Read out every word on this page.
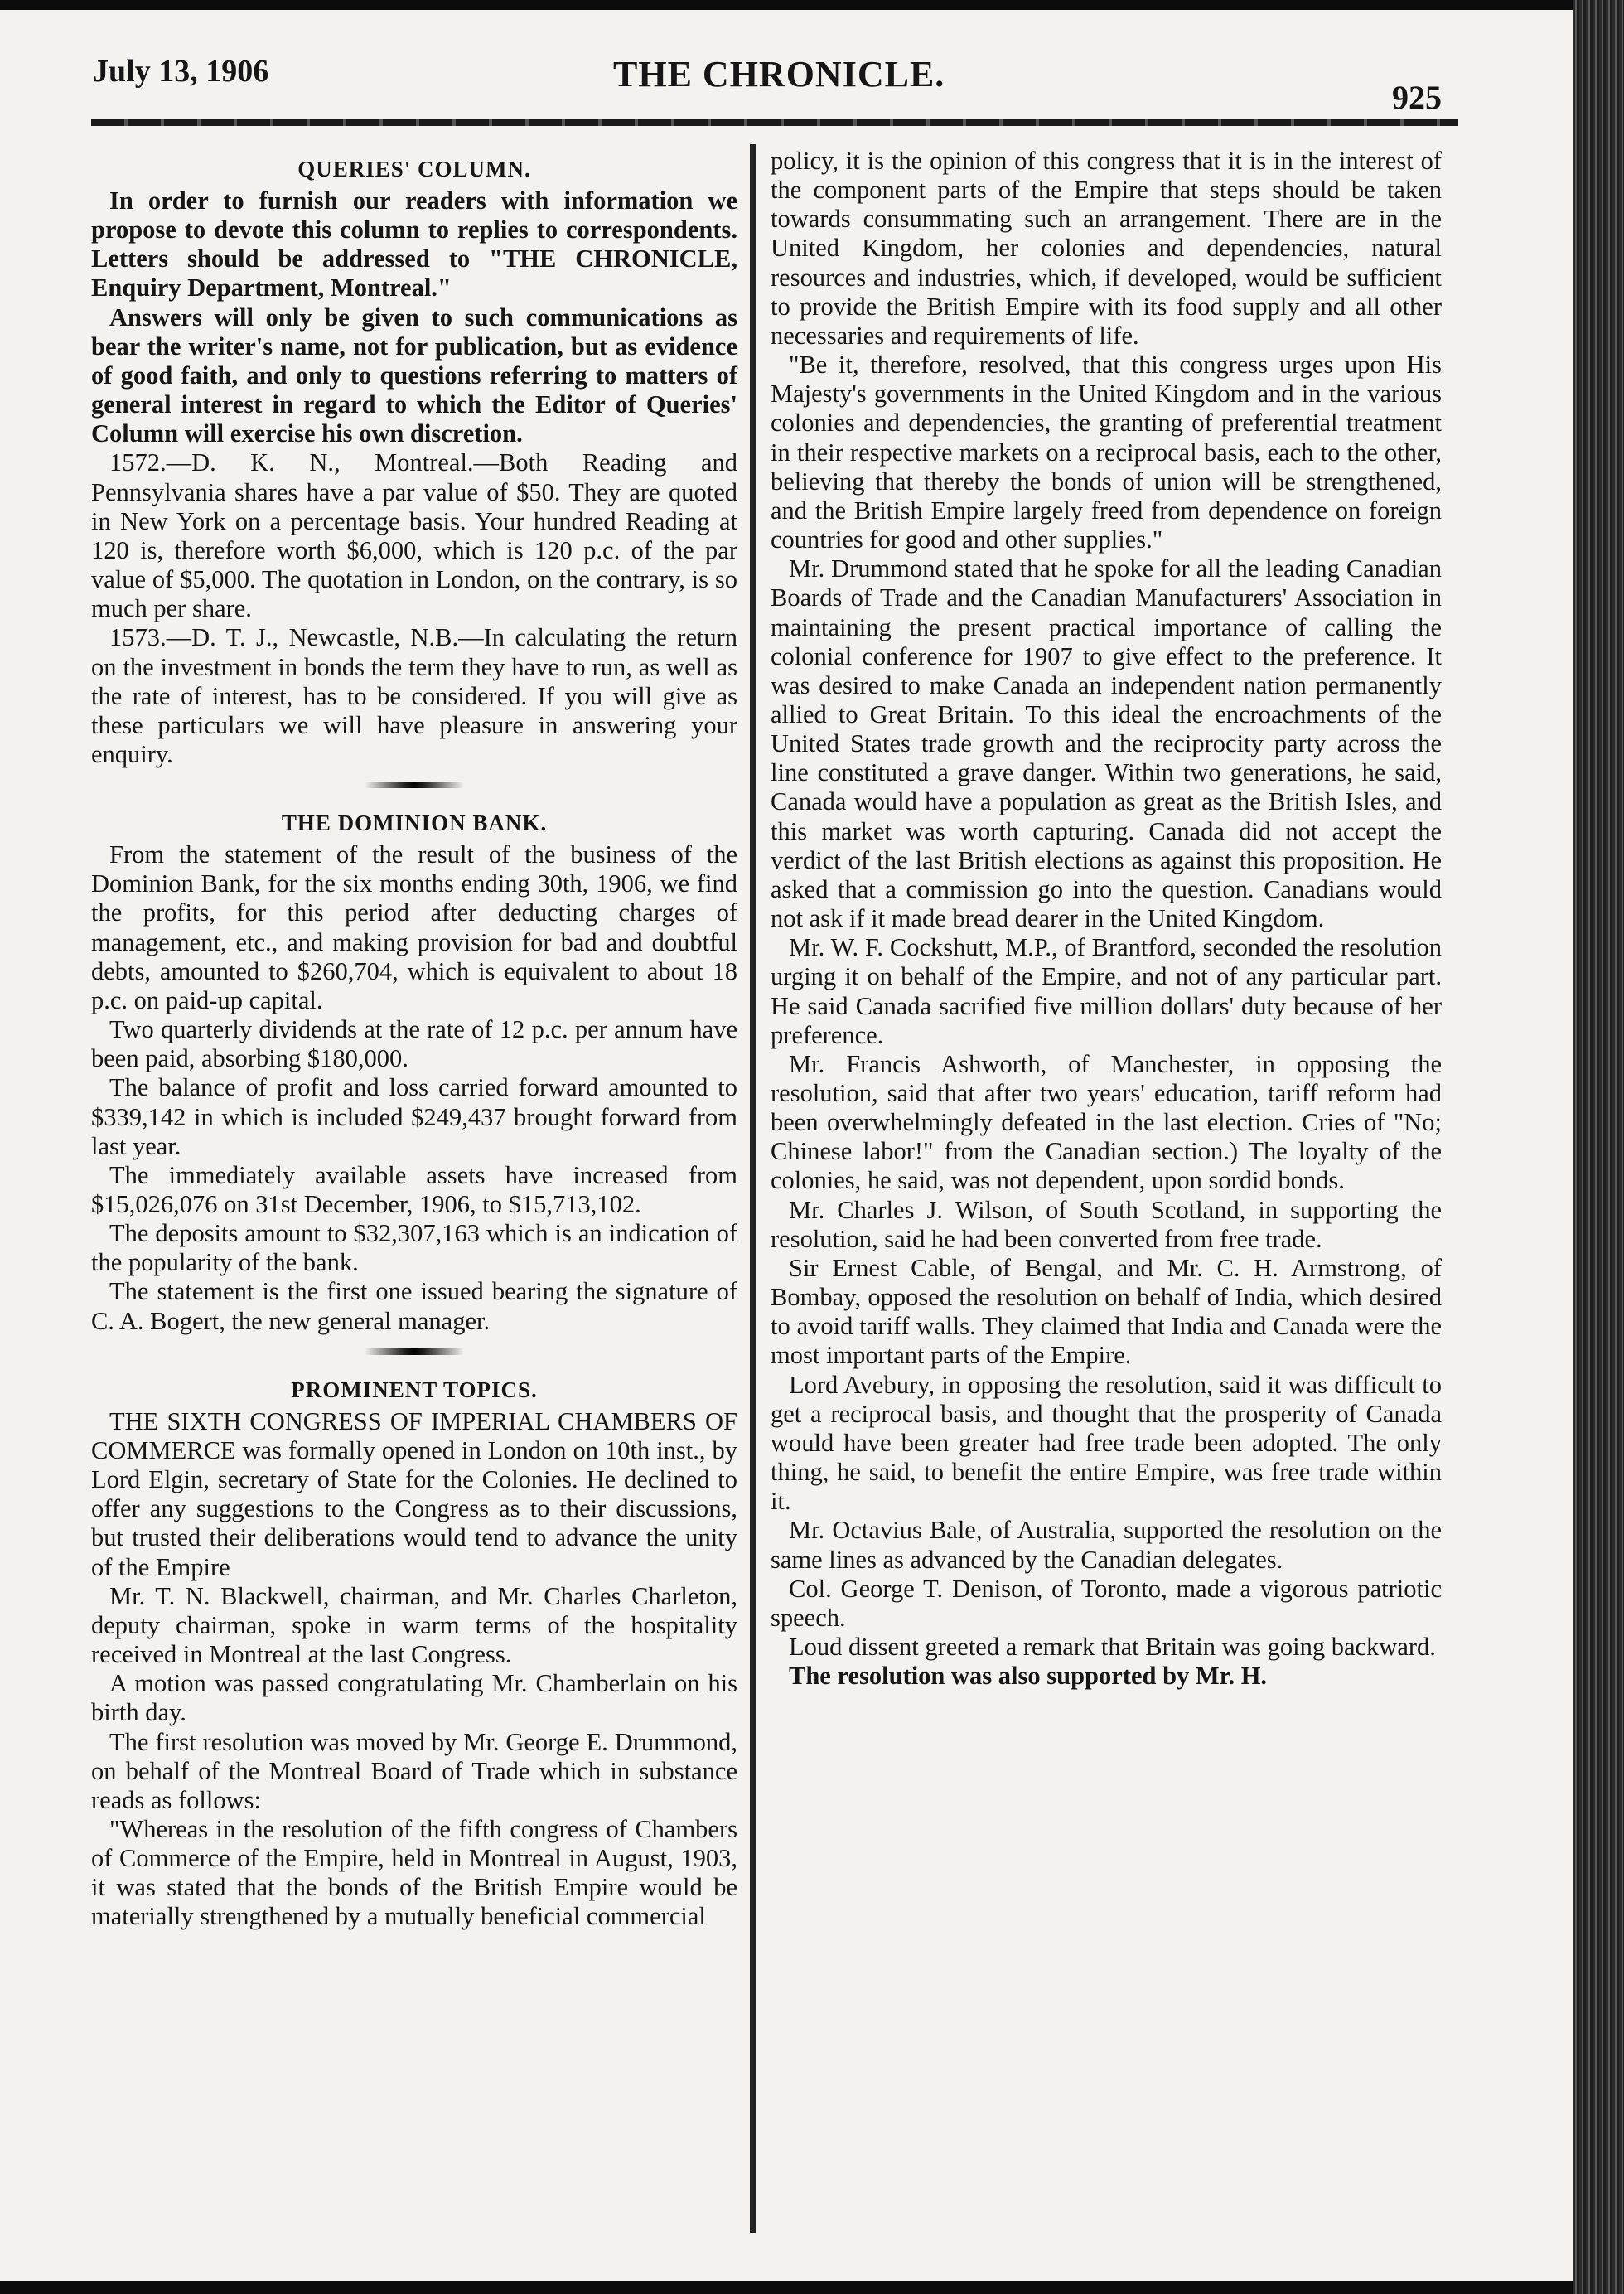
July 13, 1906	THE CHRONICLE.
925
QUERIES' COLUMN.

In order to furnish our readers with information we propose to devote this column to replies to correspondents. Letters should be addressed to "THE CHRONICLE, Enquiry Department, Montreal."

Answers will only be given to such communications as bear the writer's name, not for publication, but as evidence of good faith, and only to questions referring to matters of general interest in regard to which the Editor of Queries' Column will exercise his own discretion.

1572.—D. K. N., Montreal.—Both Reading and Pennsylvania shares have a par value of $50. They are quoted in New York on a percentage basis. Your hundred Reading at 120 is, therefore worth $6,000, which is 120 p.c. of the par value of $5,000. The quotation in London, on the contrary, is so much per share.

1573.—D. T. J., Newcastle, N.B.—In calculating the return on the investment in bonds the term they have to run, as well as the rate of interest, has to be considered. If you will give as these particulars we will have pleasure in answering your enquiry.

THE DOMINION BANK.

From the statement of the result of the business of the Dominion Bank, for the six months ending 30th, 1906, we find the profits, for this period after deducting charges of management, etc., and making provision for bad and doubtful debts, amounted to $260,704, which is equivalent to about 18 p.c. on paid-up capital.

Two quarterly dividends at the rate of 12 p.c. per annum have been paid, absorbing $180,000.

The balance of profit and loss carried forward amounted to $339,142 in which is included $249,437 brought forward from last year.

The immediately available assets have increased from $15,026,076 on 31st December, 1906, to $15,713,102.

The deposits amount to $32,307,163 which is an indication of the popularity of the bank.

The statement is the first one issued bearing the signature of C. A. Bogert, the new general manager.

PROMINENT TOPICS.

THE SIXTH CONGRESS OF IMPERIAL CHAMBERS OF COMMERCE was formally opened in London on 10th inst., by Lord Elgin, secretary of State for the Colonies. He declined to offer any suggestions to the Congress as to their discussions, but trusted their deliberations would tend to advance the unity of the Empire

Mr. T. N. Blackwell, chairman, and Mr. Charles Charleton, deputy chairman, spoke in warm terms of the hospitality received in Montreal at the last Congress.

A motion was passed congratulating Mr. Chamberlain on his birth day.

The first resolution was moved by Mr. George E. Drummond, on behalf of the Montreal Board of Trade which in substance reads as follows:

"Whereas in the resolution of the fifth congress of Chambers of Commerce of the Empire, held in Montreal in August, 1903, it was stated that the bonds of the British Empire would be materially strengthened by a mutually beneficial commercial

policy, it is the opinion of this congress that it is in the interest of the component parts of the Empire that steps should be taken towards consummating such an arrangement. There are in the United Kingdom, her colonies and dependencies, natural resources and industries, which, if developed, would be sufficient to provide the British Empire with its food supply and all other necessaries and requirements of life.

"Be it, therefore, resolved, that this congress urges upon His Majesty's governments in the United Kingdom and in the various colonies and dependencies, the granting of preferential treatment in their respective markets on a reciprocal basis, each to the other, believing that thereby the bonds of union will be strengthened, and the British Empire largely freed from dependence on foreign countries for good and other supplies."

Mr. Drummond stated that he spoke for all the leading Canadian Boards of Trade and the Canadian Manufacturers' Association in maintaining the present practical importance of calling the colonial conference for 1907 to give effect to the preference. It was desired to make Canada an independent nation permanently allied to Great Britain. To this ideal the encroachments of the United States trade growth and the reciprocity party across the line constituted a grave danger. Within two generations, he said, Canada would have a population as great as the British Isles, and this market was worth capturing. Canada did not accept the verdict of the last British elections as against this proposition. He asked that a commission go into the question. Canadians would not ask if it made bread dearer in the United Kingdom.

Mr. W. F. Cockshutt, M.P., of Brantford, seconded the resolution urging it on behalf of the Empire, and not of any particular part. He said Canada sacrified five million dollars' duty because of her preference.

Mr. Francis Ashworth, of Manchester, in opposing the resolution, said that after two years' education, tariff reform had been overwhelmingly defeated in the last election. Cries of "No; Chinese labor!" from the Canadian section.) The loyalty of the colonies, he said, was not dependent, upon sordid bonds.

Mr. Charles J. Wilson, of South Scotland, in supporting the resolution, said he had been converted from free trade.

Sir Ernest Cable, of Bengal, and Mr. C. H. Armstrong, of Bombay, opposed the resolution on behalf of India, which desired to avoid tariff walls. They claimed that India and Canada were the most important parts of the Empire.

Lord Avebury, in opposing the resolution, said it was difficult to get a reciprocal basis, and thought that the prosperity of Canada would have been greater had free trade been adopted. The only thing, he said, to benefit the entire Empire, was free trade within it.

Mr. Octavius Bale, of Australia, supported the resolution on the same lines as advanced by the Canadian delegates.

Col. George T. Denison, of Toronto, made a vigorous patriotic speech.

Loud dissent greeted a remark that Britain was going backward.

The resolution was also supported by Mr. H.
